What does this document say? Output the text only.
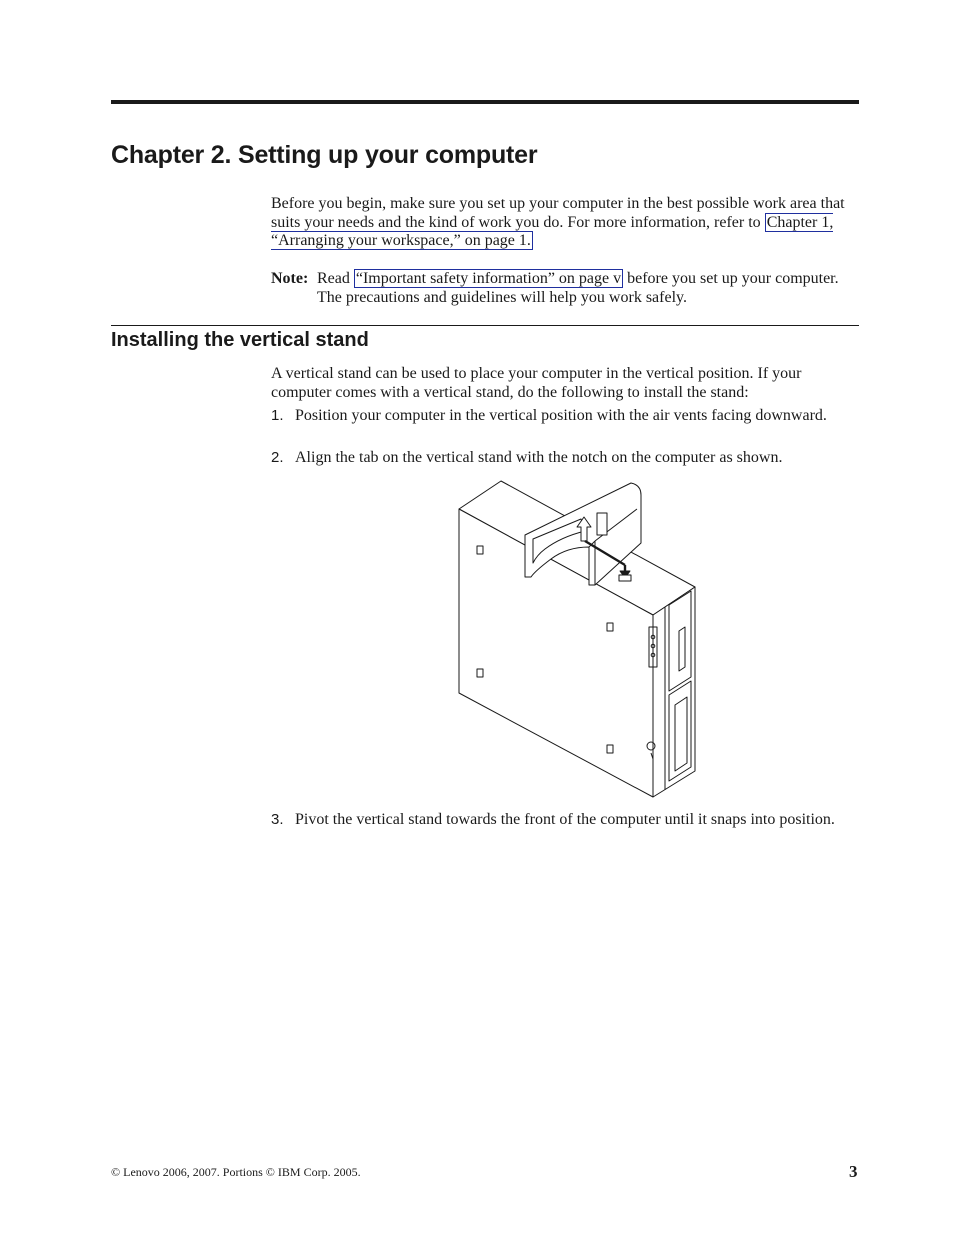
Chapter 2. Setting up your computer

Before you begin, make sure you set up your computer in the best possible work area that suits your needs and the kind of work you do. For more information, refer to Chapter 1, “Arranging your workspace,” on page 1.

Note: Read “Important safety information” on page v before you set up your computer. The precautions and guidelines will help you work safely.
Installing the vertical stand

A vertical stand can be used to place your computer in the vertical position. If your computer comes with a vertical stand, do the following to install the stand:

1. Position your computer in the vertical position with the air vents facing downward.
2. Align the tab on the vertical stand with the notch on the computer as shown.
3. Pivot the vertical stand towards the front of the computer until it snaps into position.
© Lenovo 2006, 2007. Portions © IBM Corp. 2005.	3
